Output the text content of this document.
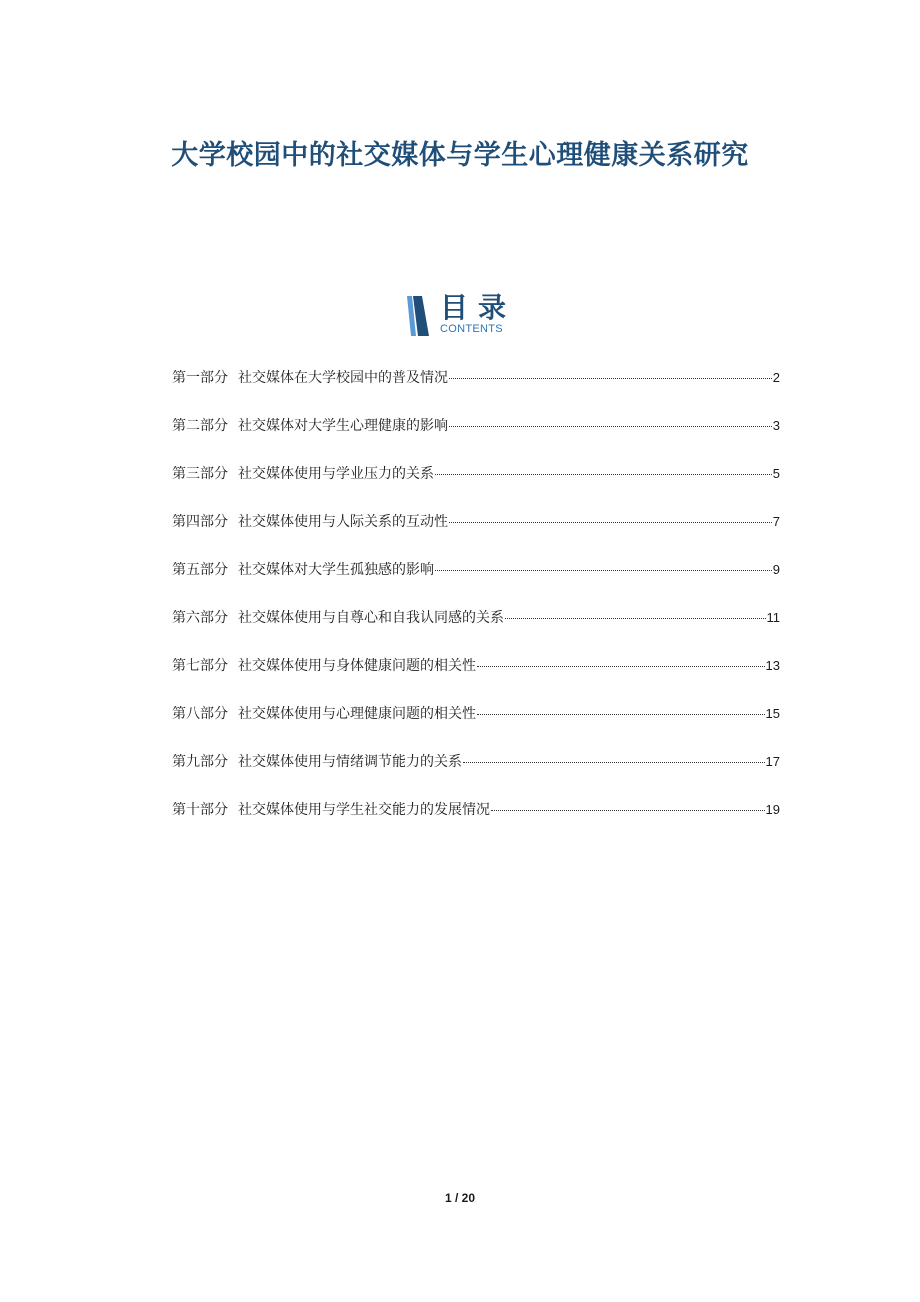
大学校园中的社交媒体与学生心理健康关系研究
目录
CONTENTS
第一部分 社交媒体在大学校园中的普及情况	2
第二部分 社交媒体对大学生心理健康的影响	3
第三部分 社交媒体使用与学业压力的关系	5
第四部分 社交媒体使用与人际关系的互动性	7
第五部分 社交媒体对大学生孤独感的影响	9
第六部分 社交媒体使用与自尊心和自我认同感的关系	11
第七部分 社交媒体使用与身体健康问题的相关性	13
第八部分 社交媒体使用与心理健康问题的相关性	15
第九部分 社交媒体使用与情绪调节能力的关系	17
第十部分 社交媒体使用与学生社交能力的发展情况	19
1 / 20
